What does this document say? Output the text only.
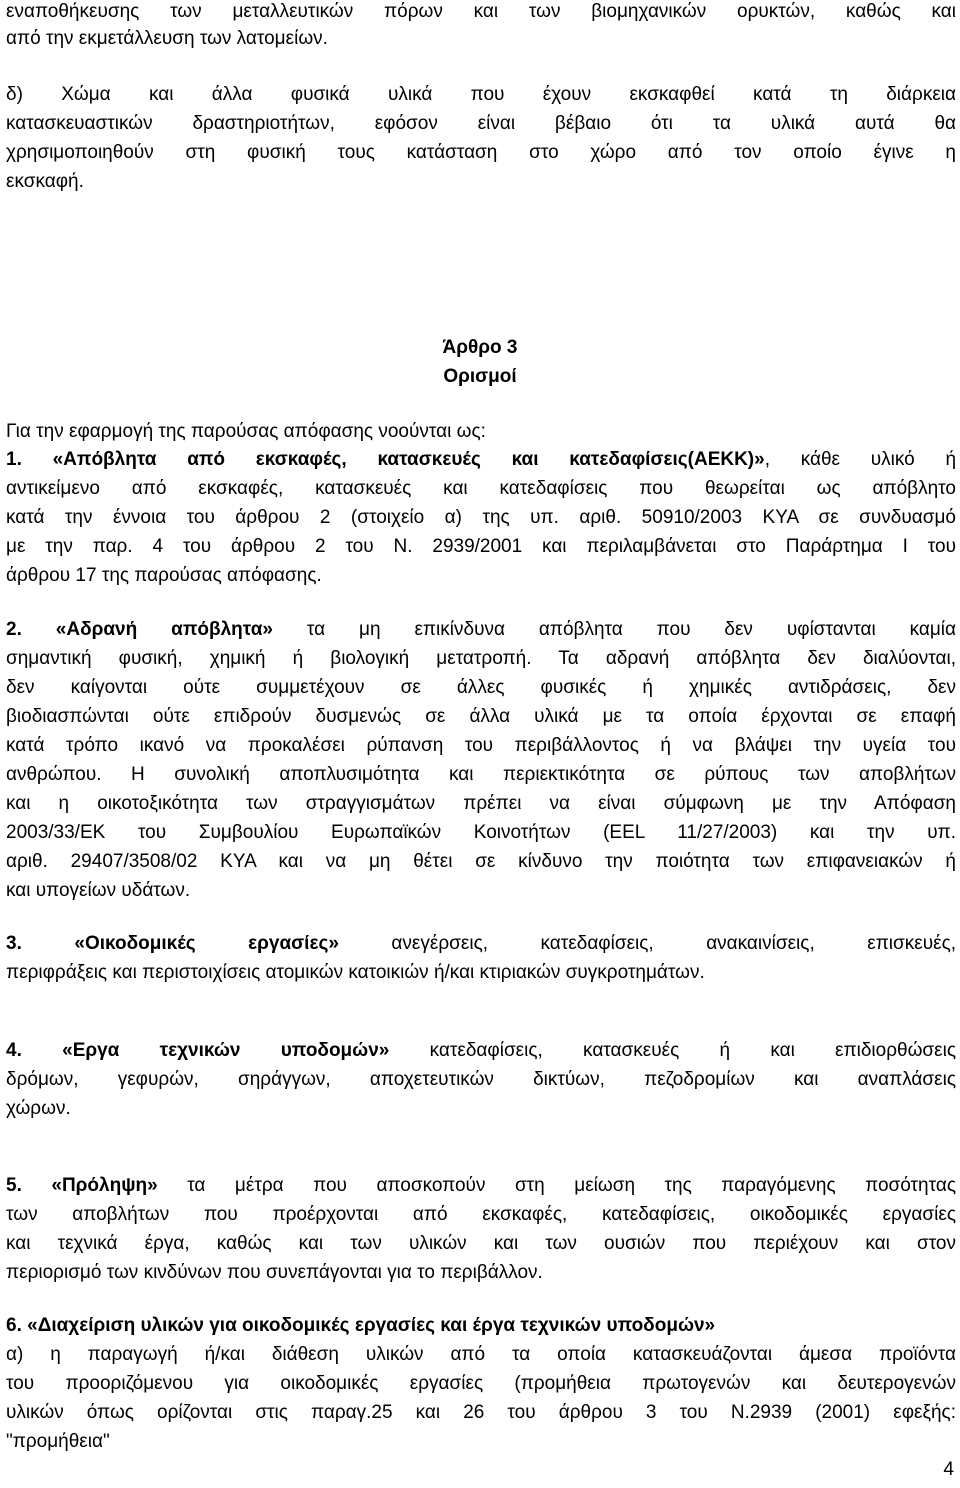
εναποθήκευσης των μεταλλευτικών πόρων και των βιομηχανικών ορυκτών, καθώς και
από την εκμετάλλευση των λατομείων.
δ) Χώμα και άλλα φυσικά υλικά που έχουν εκσκαφθεί κατά τη διάρκεια
κατασκευαστικών δραστηριοτήτων, εφόσον είναι βέβαιο ότι τα υλικά αυτά θα
χρησιμοποιηθούν στη φυσική τους κατάσταση στο χώρο από τον οποίο έγινε η
εκσκαφή.
Άρθρο 3
Ορισμοί
Για την εφαρμογή της παρούσας απόφασης νοούνται ως:
1. «Απόβλητα από εκσκαφές, κατασκευές και κατεδαφίσεις(ΑΕΚΚ)», κάθε υλικό ή
αντικείμενο από εκσκαφές, κατασκευές και κατεδαφίσεις που θεωρείται ως απόβλητο
κατά την έννοια του άρθρου 2 (στοιχείο α) της υπ. αριθ. 50910/2003 ΚΥΑ σε συνδυασμό
με την παρ. 4 του άρθρου 2 του Ν. 2939/2001 και περιλαμβάνεται στο Παράρτημα Ι του
άρθρου 17 της παρούσας απόφασης.
2. «Αδρανή απόβλητα» τα μη επικίνδυνα απόβλητα που δεν υφίστανται καμία
σημαντική φυσική, χημική ή βιολογική μετατροπή. Τα αδρανή απόβλητα δεν διαλύονται,
δεν καίγονται ούτε συμμετέχουν σε άλλες φυσικές ή χημικές αντιδράσεις, δεν
βιοδιασπώνται ούτε επιδρούν δυσμενώς σε άλλα υλικά με τα οποία έρχονται σε επαφή
κατά τρόπο ικανό να προκαλέσει ρύπανση του περιβάλλοντος ή να βλάψει την υγεία του
ανθρώπου. Η συνολική αποπλυσιμότητα και περιεκτικότητα σε ρύπους των αποβλήτων
και η οικοτοξικότητα των στραγγισμάτων πρέπει να είναι σύμφωνη με την Απόφαση
2003/33/ΕΚ του Συμβουλίου Ευρωπαϊκών Κοινοτήτων (EEL 11/27/2003) και την υπ.
αριθ. 29407/3508/02 ΚΥΑ και να μη θέτει σε κίνδυνο την ποιότητα των επιφανειακών ή
και υπογείων υδάτων.
3.	«Οικοδομικές εργασίες» ανεγέρσεις, κατεδαφίσεις, ανακαινίσεις, επισκευές,
περιφράξεις και περιστοιχίσεις ατομικών κατοικιών ή/και κτιριακών συγκροτημάτων.
4. «Εργα τεχνικών υποδομών» κατεδαφίσεις, κατασκευές ή και επιδιορθώσεις
δρόμων, γεφυρών, σηράγγων, αποχετευτικών δικτύων, πεζοδρομίων και αναπλάσεις
χώρων.
5. «Πρόληψη» τα μέτρα που αποσκοπούν στη μείωση της παραγόμενης ποσότητας
των αποβλήτων που προέρχονται από εκσκαφές, κατεδαφίσεις, οικοδομικές εργασίες
και τεχνικά έργα, καθώς και των υλικών και των ουσιών που περιέχουν και στον
περιορισμό των κινδύνων που συνεπάγονται για το περιβάλλον.
6. «Διαχείριση υλικών για οικοδομικές εργασίες και έργα τεχνικών υποδομών»
α) η παραγωγή ή/και διάθεση υλικών από τα οποία κατασκευάζονται άμεσα προϊόντα
του προοριζόμενου για οικοδομικές εργασίες (προμήθεια πρωτογενών και δευτερογενών
υλικών όπως ορίζονται στις παραγ.25 και 26 του άρθρου 3 του Ν.2939 (2001) εφεξής:
"προμήθεια"
4
